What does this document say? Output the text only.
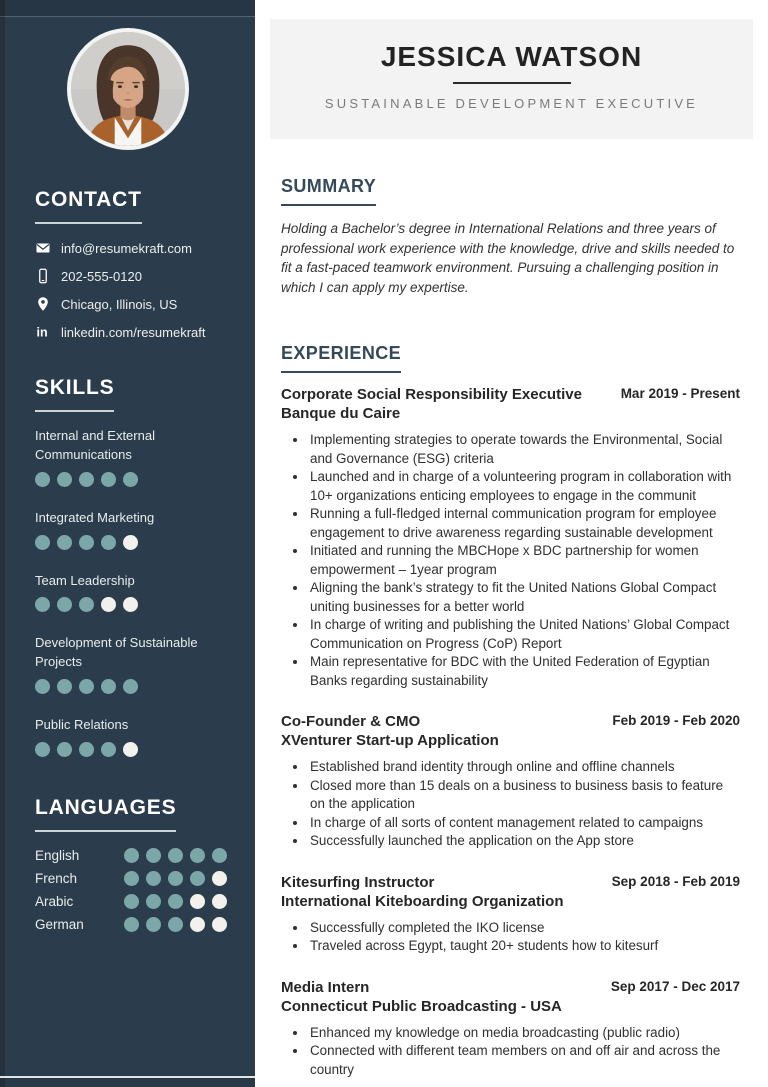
CONTACT
info@resumekraft.com
202-555-0120
Chicago, Illinois, US
in linkedin.com/resumekraft
SKILLS
Internal and External Communications
Integrated Marketing
Team Leadership
Development of Sustainable Projects
Public Relations
LANGUAGES
English
French
Arabic
German
JESSICA WATSON
SUSTAINABLE DEVELOPMENT EXECUTIVE
SUMMARY

Holding a Bachelor’s degree in International Relations and three years of professional work experience with the knowledge, drive and skills needed to fit a fast-paced teamwork environment. Pursuing a challenging position in which I can apply my expertise.

EXPERIENCE
Corporate Social Responsibility Executive
Banque du Caire
Mar 2019 - Present
• Implementing strategies to operate towards the Environmental, Social and Governance (ESG) criteria
• Launched and in charge of a volunteering program in collaboration with 10+ organizations enticing employees to engage in the communit
• Running a full-fledged internal communication program for employee engagement to drive awareness regarding sustainable development
• Initiated and running the MBCHope x BDC partnership for women empowerment – 1year program
• Aligning the bank’s strategy to fit the United Nations Global Compact uniting businesses for a better world
• In charge of writing and publishing the United Nations’ Global Compact Communication on Progress (CoP) Report
• Main representative for BDC with the United Federation of Egyptian Banks regarding sustainability
Co-Founder & CMO
XVenturer Start-up Application
Feb 2019 - Feb 2020
• Established brand identity through online and offline channels
• Closed more than 15 deals on a business to business basis to feature on the application
• In charge of all sorts of content management related to campaigns
• Successfully launched the application on the App store
Kitesurfing Instructor
International Kiteboarding Organization
Sep 2018 - Feb 2019
• Successfully completed the IKO license
• Traveled across Egypt, taught 20+ students how to kitesurf
Media Intern
Connecticut Public Broadcasting - USA
Sep 2017 - Dec 2017
• Enhanced my knowledge on media broadcasting (public radio)
• Connected with different team members on and off air and across the country
